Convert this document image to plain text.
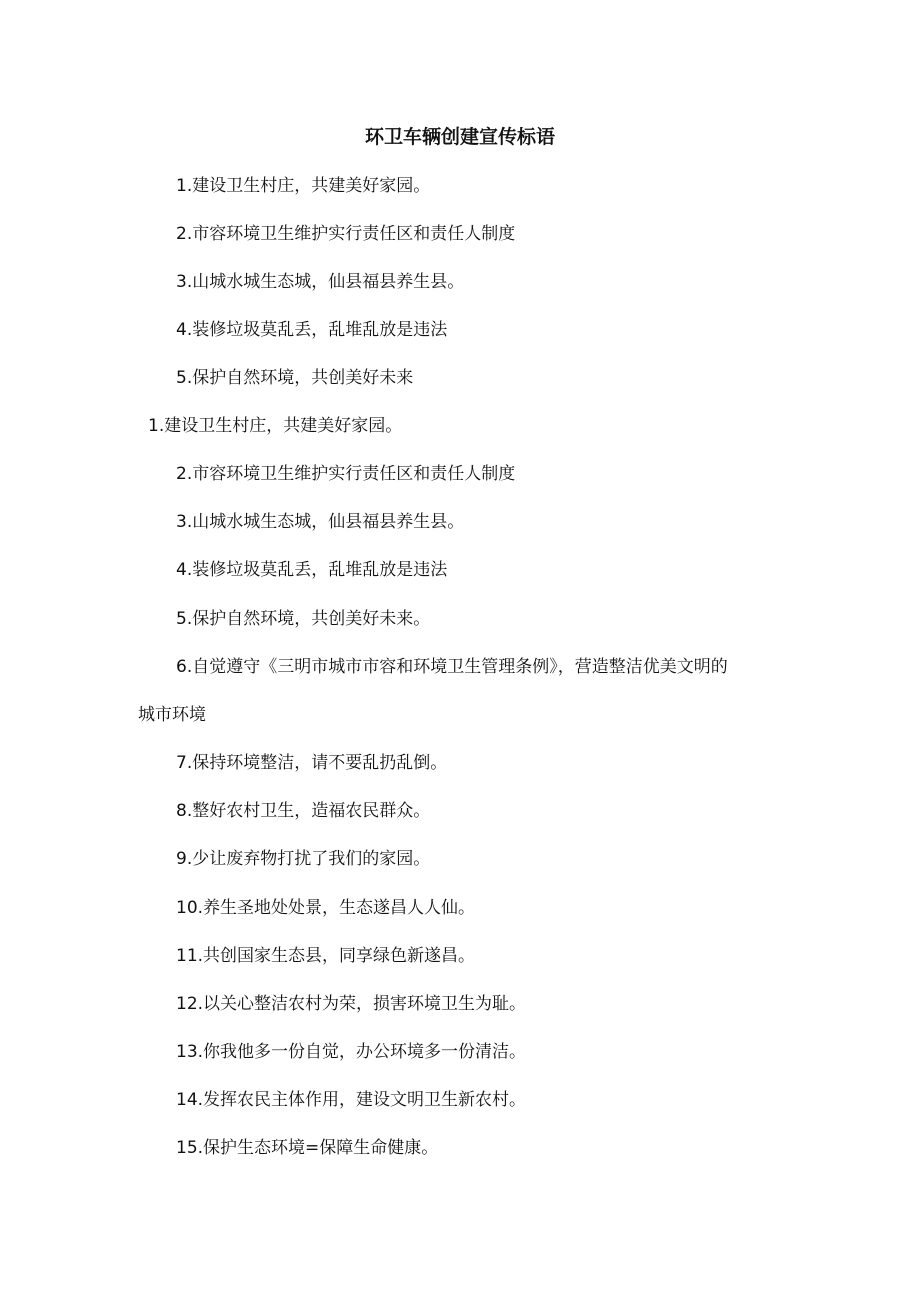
环卫车辆创建宣传标语
1.建设卫生村庄，共建美好家园。
2.市容环境卫生维护实行责任区和责任人制度
3.山城水城生态城，仙县福县养生县。
4.装修垃圾莫乱丢，乱堆乱放是违法
5.保护自然环境，共创美好未来
1.建设卫生村庄，共建美好家园。
2.市容环境卫生维护实行责任区和责任人制度
3.山城水城生态城，仙县福县养生县。
4.装修垃圾莫乱丢，乱堆乱放是违法
5.保护自然环境，共创美好未来。
6.自觉遵守《三明市城市市容和环境卫生管理条例》，营造整洁优美文明的
城市环境
7.保持环境整洁，请不要乱扔乱倒。
8.整好农村卫生，造福农民群众。
9.少让废弃物打扰了我们的家园。
10.养生圣地处处景，生态遂昌人人仙。
11.共创国家生态县，同享绿色新遂昌。
12.以关心整洁农村为荣，损害环境卫生为耻。
13.你我他多一份自觉，办公环境多一份清洁。
14.发挥农民主体作用，建设文明卫生新农村。
15.保护生态环境=保障生命健康。
